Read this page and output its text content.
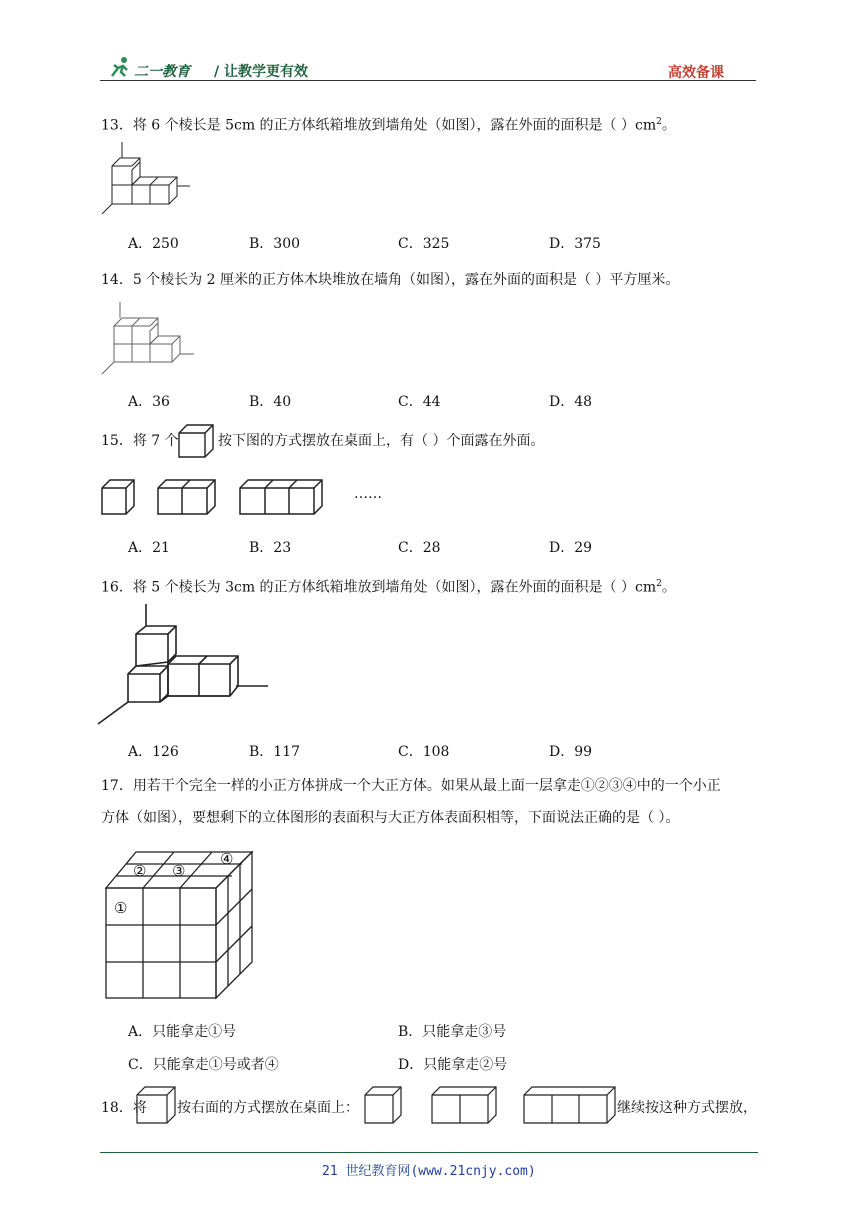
二一教育 / 让教学更有效	高效备课
13．将 6 个棱长是 5cm 的正方体纸箱堆放到墙角处（如图），露在外面的面积是（ ）$cm^2$。
A．250	B．300	C．325	D．375
14．5 个棱长为 2 厘米的正方体木块堆放在墙角（如图），露在外面的面积是（ ）平方厘米。
A．36	B．40	C．44	D．48
15．将 7 个	按下图的方式摆放在桌面上，有（ ）个面露在外面。
……
A．21	B．23	C．28	D．29
16．将 5 个棱长为 3cm 的正方体纸箱堆放到墙角处（如图），露在外面的面积是（ ）$cm^2$。
A．126	B．117	C．108	D．99
17．用若干个完全一样的小正方体拼成一个大正方体。如果从最上面一层拿走①②③④中的一个小正
方体（如图），要想剩下的立体图形的表面积与大正方体表面积相等，下面说法正确的是（ ）。
①
② ③
④
A．只能拿走①号	B．只能拿走③号
C．只能拿走①号或者④	D．只能拿走②号
18．将 按右面的方式摆放在桌面上：	继续按这种方式摆放，
21 世纪教育网(www.21cnjy.com)
